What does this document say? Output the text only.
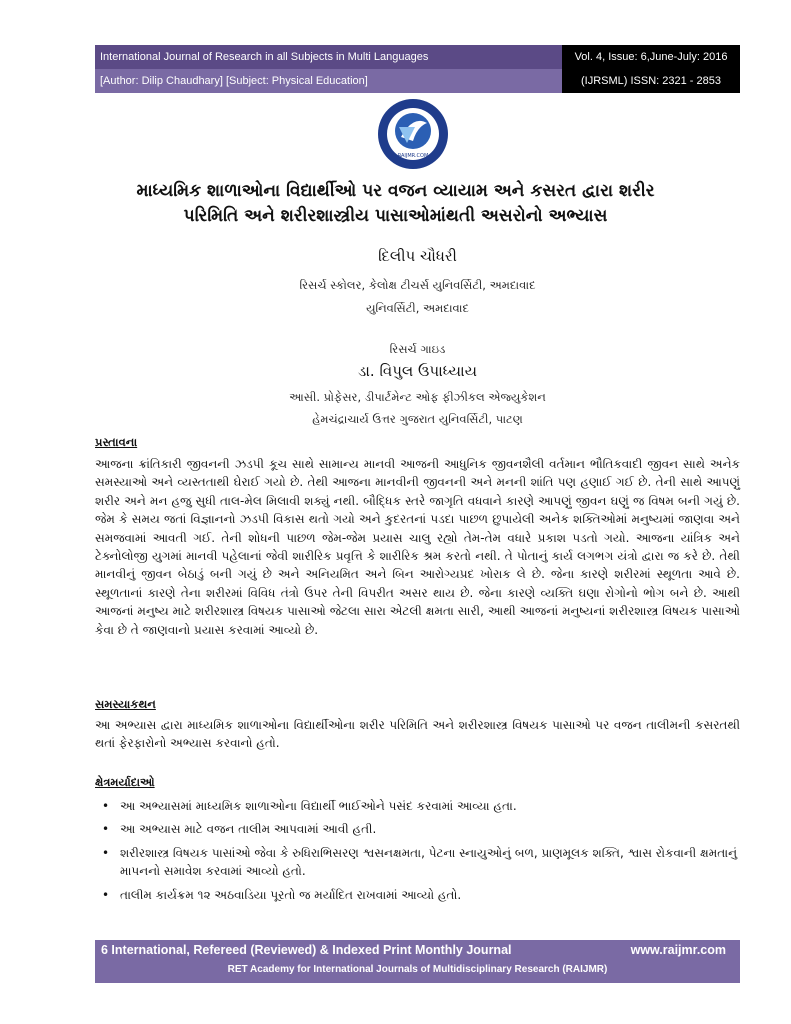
International Journal of Research in all Subjects in Multi Languages	Vol. 4, Issue: 6,June-July: 2016
[Author: Dilip Chaudhary] [Subject: Physical Education]	(IJRSML) ISSN: 2321 - 2853
RAIJMR.COM
માધ્યમિક શાળાઓના વિદ્યાર્થીઓ પર વજન વ્યાયામ અને કસરત દ્વારા શરીર
પરિમિતિ અને શરીરશાસ્ત્રીય પાસાઓમાંથતી અસરોનો અભ્યાસ
દિલીપ ચૌધરી
રિસર્ચ સ્કોલર, કેલોક્ષ ટીચર્સ યુનિવર્સિટી, અમદાવાદ
યુનિવર્સિટી, અમદાવાદ
રિસર્ચ ગાઇડ
ડા. વિપુલ ઉપાધ્યાય
આસી. પ્રોફેસર, ડીપાર્ટમેન્ટ ઓફ ફીઝીકલ એજ્યુકેશન
હેમચંદ્રાચાર્ય ઉત્તર ગુજરાત યુનિવર્સિટી, પાટણ
પ્રસ્તાવના
આજના ક્રાંતિકારી જીવનની ઝડપી કૂચ સાથે સામાન્ય માનવી આજની આધુનિક જીવનશૈલી વર્તમાન ભૌતિકવાદી જીવન સાથે અનેક સમસ્યાઓ અને વ્યસ્તતાથી ઘેરાઈ ગયો છે. તેથી આજના માનવીની જીવનની અને મનની શાંતિ પણ હણાઈ ગઈ છે. તેની સાથે આપણું શરીર અને મન હજુ સુધી તાલ-મેલ મિલાવી શક્યું નથી. બૌદ્ધિક સ્તરે જાગૃતિ વધવાને કારણે આપણું જીવન ઘણું જ વિષમ બની ગયું છે. જેમ કે સમય જતાં વિજ્ઞાનનો ઝડપી વિકાસ થતો ગયો અને કુદરતનાં પડદા પાછળ છુપાયેલી અનેક શક્તિઓમાં મનુષ્યમાં જાણવા અને સમજવામાં આવતી ગઈ. તેની શોધની પાછળ જેમ-જેમ પ્રયાસ ચાલુ રહ્યો તેમ-તેમ વધારે પ્રકાશ પડતો ગયો. આજના યાંત્રિક અને ટેક્નોલોજી યુગમાં માનવી પહેલાનાં જેવી શારીરિક પ્રવૃત્તિ કે શારીરિક શ્રમ કરતો નથી. તે પોતાનું કાર્ય લગભગ યંત્રો દ્વારા જ કરે છે. તેથી માનવીનું જીવન બેઠાડું બની ગયું છે અને અનિયમિત અને બિન આરોગ્યપ્રદ ખોરાક લે છે. જેના કારણે શરીરમાં સ્થૂળતા આવે છે. સ્થૂળતાનાં કારણે તેના શરીરમાં વિવિધ તંત્રો ઉપર તેની વિપરીત અસર થાય છે. જેના કારણે વ્યક્તિ ઘણા રોગોનો ભોગ બને છે. આથી આજનાં મનુષ્ય માટે શરીરશાસ્ત્ર વિષયક પાસાઓ જેટલા સારા એટલી ક્ષમતા સારી, આથી આજનાં મનુષ્યનાં શરીરશાસ્ત્ર વિષયક પાસાઓ કેવા છે તે જાણવાનો પ્રયાસ કરવામાં આવ્યો છે.
સમસ્યાકથન
આ અભ્યાસ દ્વારા માધ્યમિક શાળાઓના વિદ્યાર્થીઓના શરીર પરિમિતિ અને શરીરશાસ્ત્ર વિષયક પાસાઓ પર વજન તાલીમની કસરતથી થતાં ફેરફારોનો અભ્યાસ કરવાનો હતો.
ક્ષેત્રમર્યાદાઓ
• આ અભ્યાસમાં માધ્યમિક શાળાઓના વિદ્યાર્થી ભાઈઓને પસંદ કરવામાં આવ્યા હતા.
• આ અભ્યાસ માટે વજન તાલીમ આપવામાં આવી હતી.
• શરીરશાસ્ત્ર વિષયક પાસાંઓ જેવા કે રુધિરાભિસરણ શ્વસનક્ષમતા, પેટના સ્નાયુઓનું બળ, પ્રાણમૂલક શક્તિ, શ્વાસ રોકવાની ક્ષમતાનું માપનનો સમાવેશ કરવામાં આવ્યો હતો.
• તાલીમ કાર્યક્રમ ૧૨ અઠવાડિયા પૂરતો જ મર્યાદિત રાખવામાં આવ્યો હતો.
6 International, Refereed (Reviewed) & Indexed Print Monthly Journal	www.raijmr.com
RET Academy for International Journals of Multidisciplinary Research (RAIJMR)
